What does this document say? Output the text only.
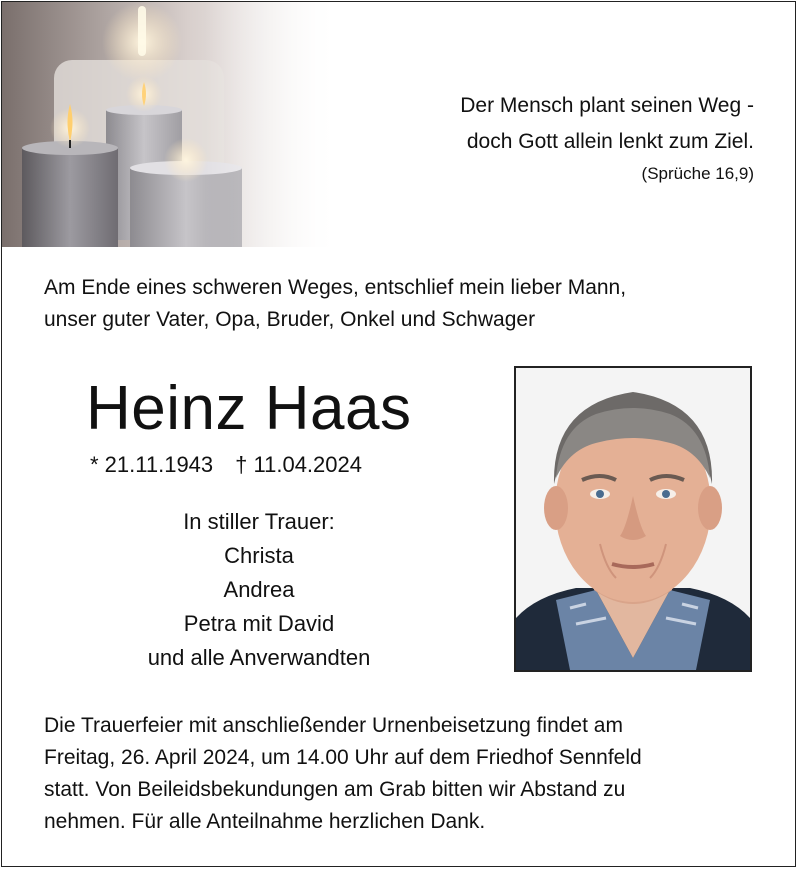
Der Mensch plant seinen Weg -
doch Gott allein lenkt zum Ziel.
(Sprüche 16,9)
Am Ende eines schweren Weges, entschlief mein lieber Mann,
unser guter Vater, Opa, Bruder, Onkel und Schwager
Heinz Haas
* 21.11.1943 † 11.04.2024
In stiller Trauer:
Christa
Andrea
Petra mit David
und alle Anverwandten
Die Trauerfeier mit anschließender Urnenbeisetzung findet am
Freitag, 26. April 2024, um 14.00 Uhr auf dem Friedhof Sennfeld
statt. Von Beileidsbekundungen am Grab bitten wir Abstand zu
nehmen. Für alle Anteilnahme herzlichen Dank.
